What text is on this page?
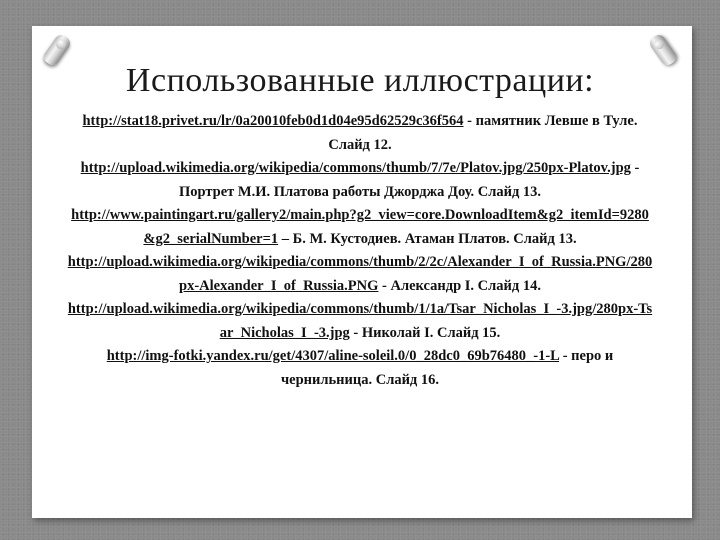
Использованные иллюстрации:
http://stat18.privet.ru/lr/0a20010feb0d1d04e95d62529c36f564 - памятник Левше в Туле. Слайд 12.
http://upload.wikimedia.org/wikipedia/commons/thumb/7/7e/Platov.jpg/250px-Platov.jpg - Портрет М.И. Платова работы Джорджа Доу. Слайд 13.
http://www.paintingart.ru/gallery2/main.php?g2_view=core.DownloadItem&g2_itemId=9280&g2_serialNumber=1 – Б. М. Кустодиев. Атаман Платов. Слайд 13.
http://upload.wikimedia.org/wikipedia/commons/thumb/2/2c/Alexander_I_of_Russia.PNG/280px-Alexander_I_of_Russia.PNG - Александр I. Слайд 14.
http://upload.wikimedia.org/wikipedia/commons/thumb/1/1a/Tsar_Nicholas_I_-3.jpg/280px-Tsar_Nicholas_I_-3.jpg - Николай I. Слайд 15.
http://img-fotki.yandex.ru/get/4307/aline-soleil.0/0_28dc0_69b76480_-1-L - перо и чернильница. Слайд 16.
